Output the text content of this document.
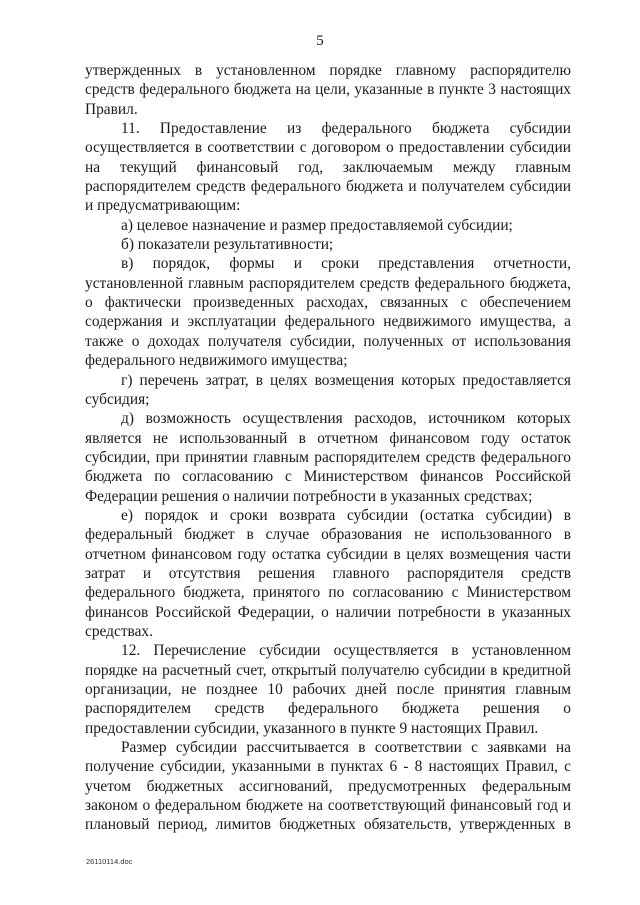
5

утвержденных в установленном порядке главному распорядителю средств федерального бюджета на цели, указанные в пункте 3 настоящих Правил.

11. Предоставление из федерального бюджета субсидии осуществляется в соответствии с договором о предоставлении субсидии на текущий финансовый год, заключаемым между главным распорядителем средств федерального бюджета и получателем субсидии и предусматривающим:

а) целевое назначение и размер предоставляемой субсидии;

б) показатели результативности;

в) порядок, формы и сроки представления отчетности, установленной главным распорядителем средств федерального бюджета, о фактически произведенных расходах, связанных с обеспечением содержания и эксплуатации федерального недвижимого имущества, а также о доходах получателя субсидии, полученных от использования федерального недвижимого имущества;

г) перечень затрат, в целях возмещения которых предоставляется субсидия;

д) возможность осуществления расходов, источником которых является не использованный в отчетном финансовом году остаток субсидии, при принятии главным распорядителем средств федерального бюджета по согласованию с Министерством финансов Российской Федерации решения о наличии потребности в указанных средствах;

е) порядок и сроки возврата субсидии (остатка субсидии) в федеральный бюджет в случае образования не использованного в отчетном финансовом году остатка субсидии в целях возмещения части затрат и отсутствия решения главного распорядителя средств федерального бюджета, принятого по согласованию с Министерством финансов Российской Федерации, о наличии потребности в указанных средствах.

12. Перечисление субсидии осуществляется в установленном порядке на расчетный счет, открытый получателю субсидии в кредитной организации, не позднее 10 рабочих дней после принятия главным распорядителем средств федерального бюджета решения о предоставлении субсидии, указанного в пункте 9 настоящих Правил.

Размер субсидии рассчитывается в соответствии с заявками на получение субсидии, указанными в пунктах 6 - 8 настоящих Правил, с учетом бюджетных ассигнований, предусмотренных федеральным законом о федеральном бюджете на соответствующий финансовый год и плановый период, лимитов бюджетных обязательств, утвержденных в

26110114.doc
